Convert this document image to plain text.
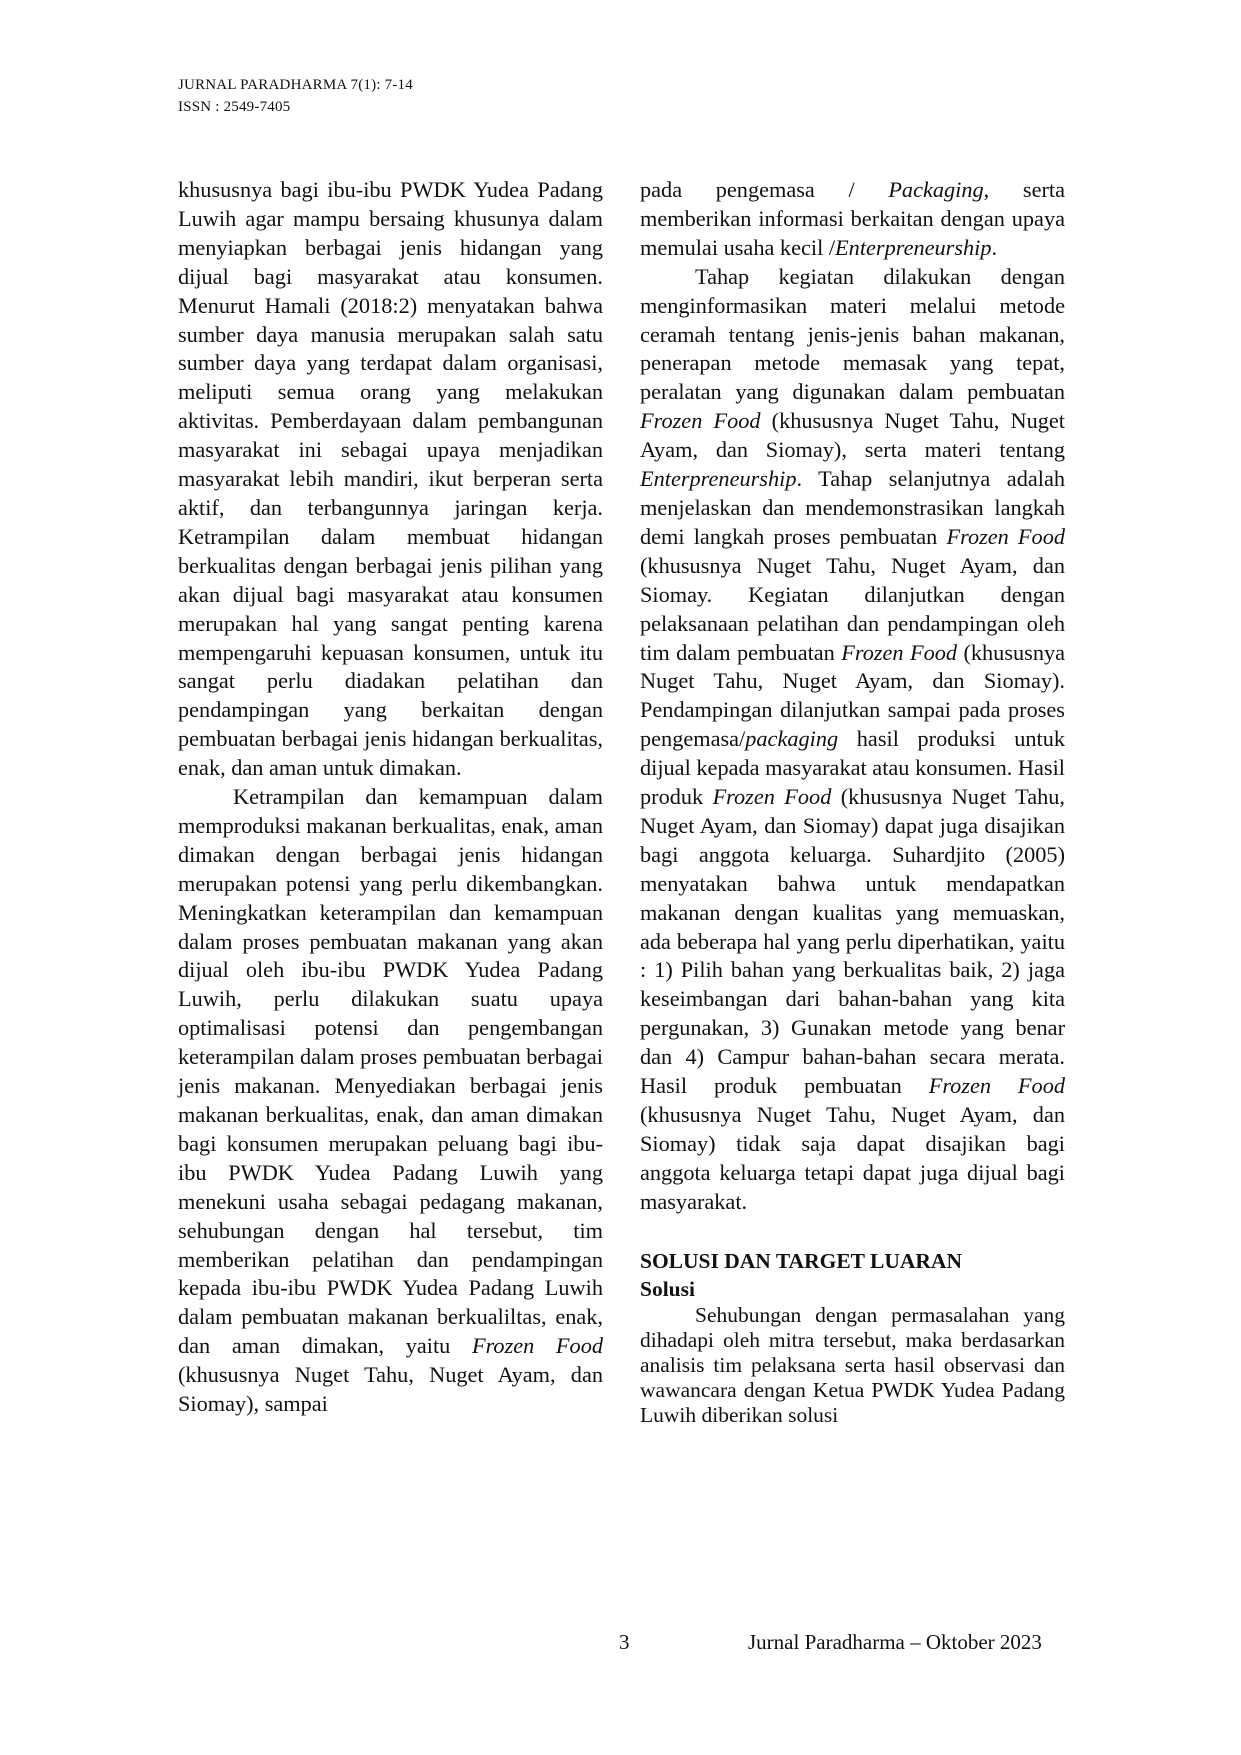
JURNAL PARADHARMA 7(1): 7-14
ISSN : 2549-7405

khususnya bagi ibu-ibu PWDK Yudea Padang Luwih agar mampu bersaing khusunya dalam menyiapkan berbagai jenis hidangan yang dijual bagi masyarakat atau konsumen. Menurut Hamali (2018:2) menyatakan bahwa sumber daya manusia merupakan salah satu sumber daya yang terdapat dalam organisasi, meliputi semua orang yang melakukan aktivitas. Pemberdayaan dalam pembangunan masyarakat ini sebagai upaya menjadikan masyarakat lebih mandiri, ikut berperan serta aktif, dan terbangunnya jaringan kerja. Ketrampilan dalam membuat hidangan berkualitas dengan berbagai jenis pilihan yang akan dijual bagi masyarakat atau konsumen merupakan hal yang sangat penting karena mempengaruhi kepuasan konsumen, untuk itu sangat perlu diadakan pelatihan dan pendampingan yang berkaitan dengan pembuatan berbagai jenis hidangan berkualitas, enak, dan aman untuk dimakan.

Ketrampilan dan kemampuan dalam memproduksi makanan berkualitas, enak, aman dimakan dengan berbagai jenis hidangan merupakan potensi yang perlu dikembangkan. Meningkatkan keterampilan dan kemampuan dalam proses pembuatan makanan yang akan dijual oleh ibu-ibu PWDK Yudea Padang Luwih, perlu dilakukan suatu upaya optimalisasi potensi dan pengembangan keterampilan dalam proses pembuatan berbagai jenis makanan. Menyediakan berbagai jenis makanan berkualitas, enak, dan aman dimakan bagi konsumen merupakan peluang bagi ibu-ibu PWDK Yudea Padang Luwih yang menekuni usaha sebagai pedagang makanan, sehubungan dengan hal tersebut, tim memberikan pelatihan dan pendampingan kepada ibu-ibu PWDK Yudea Padang Luwih dalam pembuatan makanan berkualiltas, enak, dan aman dimakan, yaitu Frozen Food (khususnya Nuget Tahu, Nuget Ayam, dan Siomay), sampai

pada pengemasa / Packaging, serta memberikan informasi berkaitan dengan upaya memulai usaha kecil /Enterpreneurship.

Tahap kegiatan dilakukan dengan menginformasikan materi melalui metode ceramah tentang jenis-jenis bahan makanan, penerapan metode memasak yang tepat, peralatan yang digunakan dalam pembuatan Frozen Food (khususnya Nuget Tahu, Nuget Ayam, dan Siomay), serta materi tentang Enterpreneurship. Tahap selanjutnya adalah menjelaskan dan mendemonstrasikan langkah demi langkah proses pembuatan Frozen Food (khususnya Nuget Tahu, Nuget Ayam, dan Siomay. Kegiatan dilanjutkan dengan pelaksanaan pelatihan dan pendampingan oleh tim dalam pembuatan Frozen Food (khususnya Nuget Tahu, Nuget Ayam, dan Siomay). Pendampingan dilanjutkan sampai pada proses pengemasa/packaging hasil produksi untuk dijual kepada masyarakat atau konsumen. Hasil produk Frozen Food (khususnya Nuget Tahu, Nuget Ayam, dan Siomay) dapat juga disajikan bagi anggota keluarga. Suhardjito (2005) menyatakan bahwa untuk mendapatkan makanan dengan kualitas yang memuaskan, ada beberapa hal yang perlu diperhatikan, yaitu : 1) Pilih bahan yang berkualitas baik, 2) jaga keseimbangan dari bahan-bahan yang kita pergunakan, 3) Gunakan metode yang benar dan 4) Campur bahan-bahan secara merata. Hasil produk pembuatan Frozen Food (khususnya Nuget Tahu, Nuget Ayam, dan Siomay) tidak saja dapat disajikan bagi anggota keluarga tetapi dapat juga dijual bagi masyarakat.

SOLUSI DAN TARGET LUARAN

Solusi

Sehubungan dengan permasalahan yang dihadapi oleh mitra tersebut, maka berdasarkan analisis tim pelaksana serta hasil observasi dan wawancara dengan Ketua PWDK Yudea Padang Luwih diberikan solusi

3	Jurnal Paradharma – Oktober 2023
